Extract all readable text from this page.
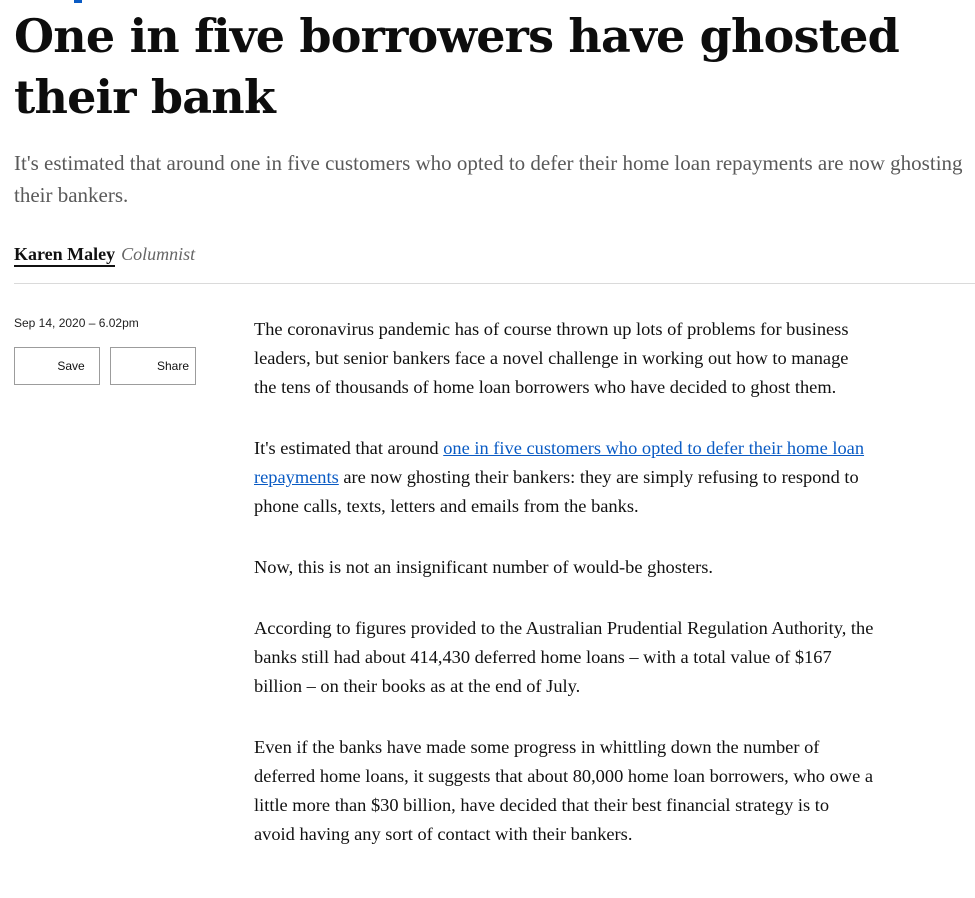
One in five borrowers have ghosted their bank

It's estimated that around one in five customers who opted to defer their home loan repayments are now ghosting their bankers.

Karen Maley Columnist
Sep 14, 2020 – 6.02pm
Save	Share

The coronavirus pandemic has of course thrown up lots of problems for business leaders, but senior bankers face a novel challenge in working out how to manage the tens of thousands of home loan borrowers who have decided to ghost them.

It's estimated that around one in five customers who opted to defer their home loan repayments are now ghosting their bankers: they are simply refusing to respond to phone calls, texts, letters and emails from the banks.

Now, this is not an insignificant number of would-be ghosters.

According to figures provided to the Australian Prudential Regulation Authority, the banks still had about 414,430 deferred home loans – with a total value of $167 billion – on their books as at the end of July.

Even if the banks have made some progress in whittling down the number of deferred home loans, it suggests that about 80,000 home loan borrowers, who owe a little more than $30 billion, have decided that their best financial strategy is to avoid having any sort of contact with their bankers.
